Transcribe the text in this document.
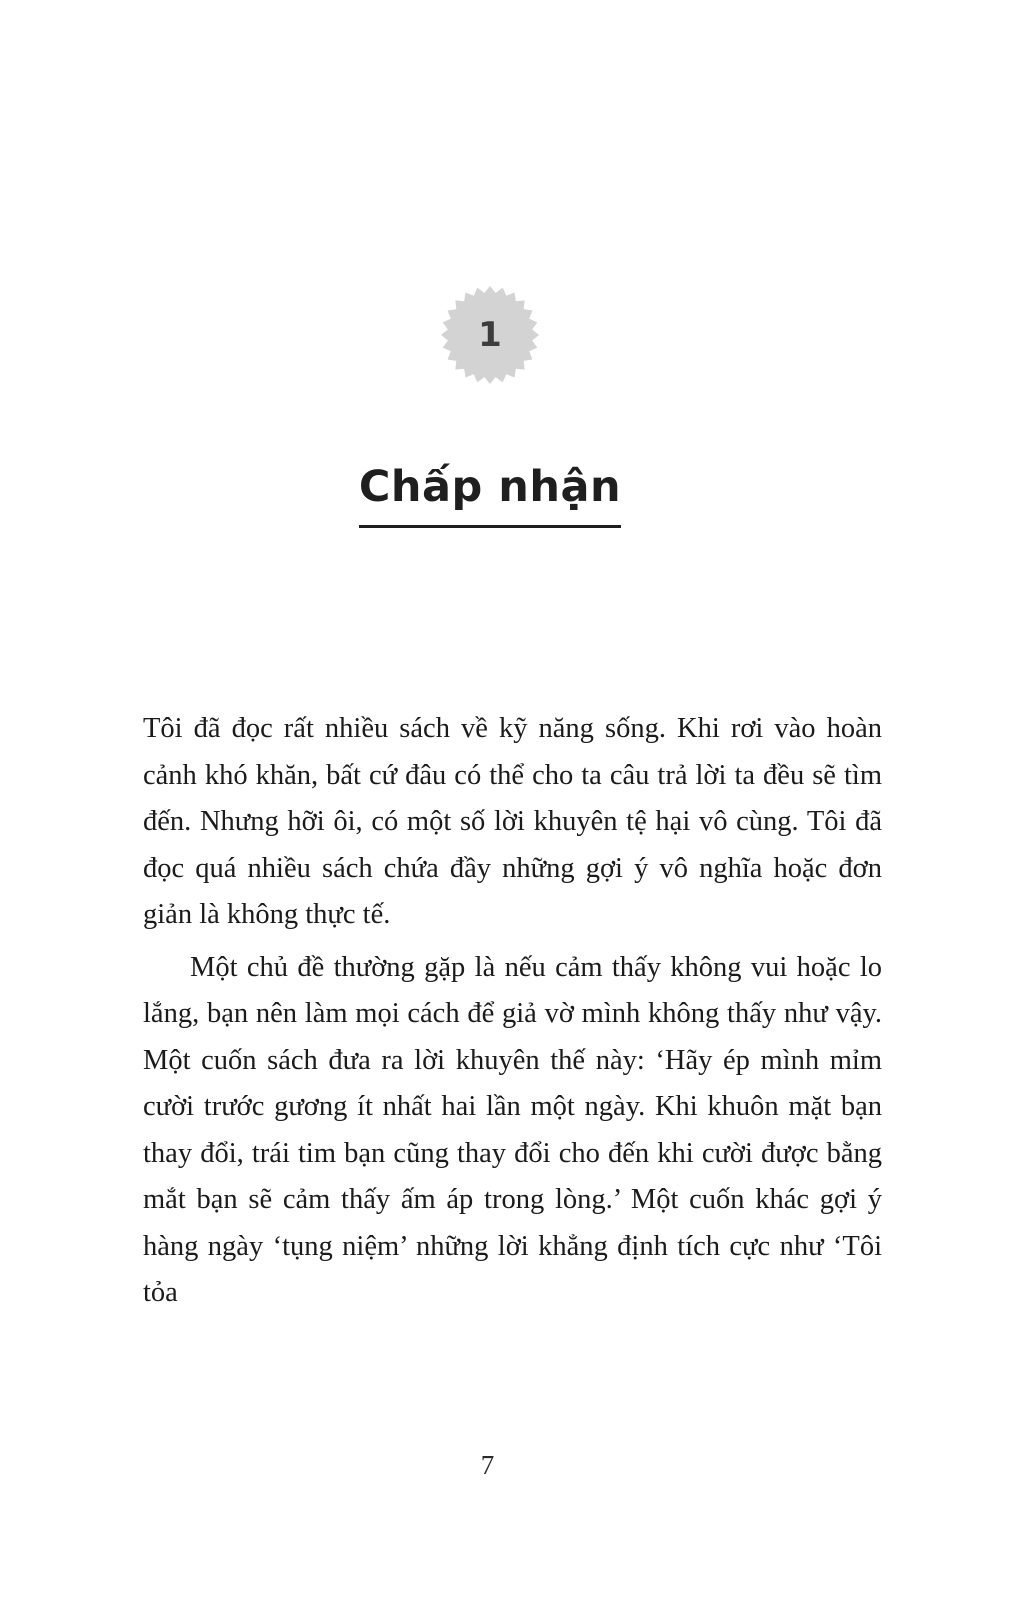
1
Chấp nhận

Tôi đã đọc rất nhiều sách về kỹ năng sống. Khi rơi vào hoàn cảnh khó khăn, bất cứ đâu có thể cho ta câu trả lời ta đều sẽ tìm đến. Nhưng hỡi ôi, có một số lời khuyên tệ hại vô cùng. Tôi đã đọc quá nhiều sách chứa đầy những gợi ý vô nghĩa hoặc đơn giản là không thực tế.

Một chủ đề thường gặp là nếu cảm thấy không vui hoặc lo lắng, bạn nên làm mọi cách để giả vờ mình không thấy như vậy. Một cuốn sách đưa ra lời khuyên thế này: ‘Hãy ép mình mỉm cười trước gương ít nhất hai lần một ngày. Khi khuôn mặt bạn thay đổi, trái tim bạn cũng thay đổi cho đến khi cười được bằng mắt bạn sẽ cảm thấy ấm áp trong lòng.’ Một cuốn khác gợi ý hàng ngày ‘tụng niệm’ những lời khẳng định tích cực như ‘Tôi tỏa

7
